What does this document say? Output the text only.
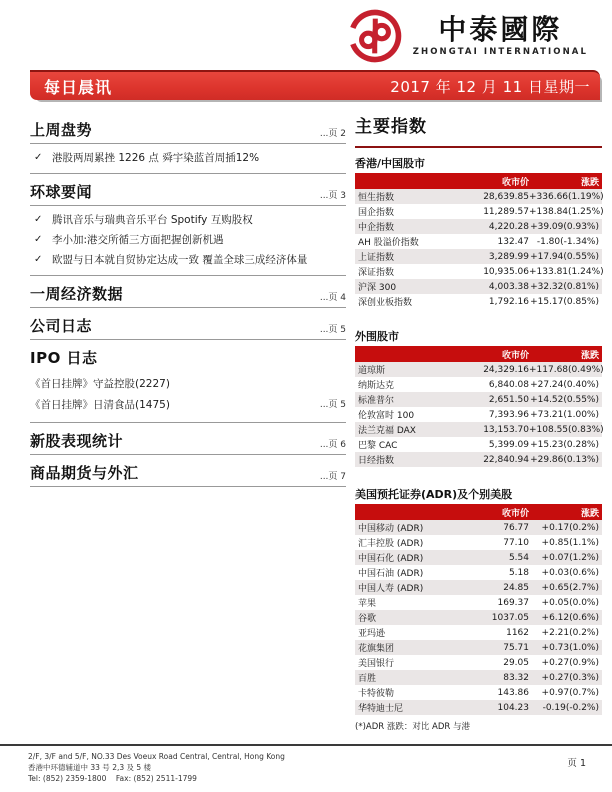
中泰國際
ZHONGTAI INTERNATIONAL
每日晨讯	2017 年 12 月 11 日星期一
上周盘势	...页 2
✓ 港股两周累挫 1226 点 舜宇染蓝首周插12%
环球要闻	...页 3
✓ 腾讯音乐与瑞典音乐平台 Spotify 互购股权
✓ 李小加:港交所循三方面把握创新机遇
✓ 欧盟与日本就自贸协定达成一致 覆盖全球三成经济体量
一周经济数据	...页 4
公司日志	...页 5
IPO 日志
《首日挂牌》守益控股(2227)
《首日挂牌》日清食品(1475)	...页 5
新股表现统计	...页 6
商品期货与外汇	...页 7
主要指数
香港/中国股市
收市价	涨跌
恒生指数	28,639.85 +336.66(1.19%)
国企指数	11,289.57 +138.84(1.25%)
中企指数	4,220.28 +39.09(0.93%)
AH 股溢价指数	132.47 -1.80(-1.34%)
上证指数	3,289.99 +17.94(0.55%)
深证指数	10,935.06 +133.81(1.24%)
沪深 300	4,003.38 +32.32(0.81%)
深创业板指数	1,792.16 +15.17(0.85%)
外围股市
收市价	涨跌
道琼斯	24,329.16 +117.68(0.49%)
纳斯达克	6,840.08 +27.24(0.40%)
标准普尔	2,651.50 +14.52(0.55%)
伦敦富时 100	7,393.96 +73.21(1.00%)
法兰克福 DAX	13,153.70 +108.55(0.83%)
巴黎 CAC	5,399.09 +15.23(0.28%)
日经指数	22,840.94 +29.86(0.13%)
美国预托证券(ADR)及个别美股
收市价	涨跌
中国移动 (ADR)	76.77	+0.17(0.2%)
汇丰控股 (ADR)	77.10	+0.85(1.1%)
中国石化 (ADR)	5.54	+0.07(1.2%)
中国石油 (ADR)	5.18	+0.03(0.6%)
中国人寿 (ADR)	24.85	+0.65(2.7%)
苹果	169.37	+0.05(0.0%)
谷歌	1037.05	+6.12(0.6%)
亚玛逊	1162	+2.21(0.2%)
花旗集团	75.71	+0.73(1.0%)
美国银行	29.05	+0.27(0.9%)
百胜	83.32	+0.27(0.3%)
卡特彼勒	143.86	+0.97(0.7%)
华特迪士尼	104.23	-0.19(-0.2%)
(*)ADR 涨跌：对比 ADR 与港
2/F, 3/F and 5/F, NO.33 Des Voeux Road Central, Central, Hong Kong
香港中环德辅道中 33 号 2,3 及 5 楼
Tel: (852) 2359-1800 Fax: (852) 2511-1799
页 1
